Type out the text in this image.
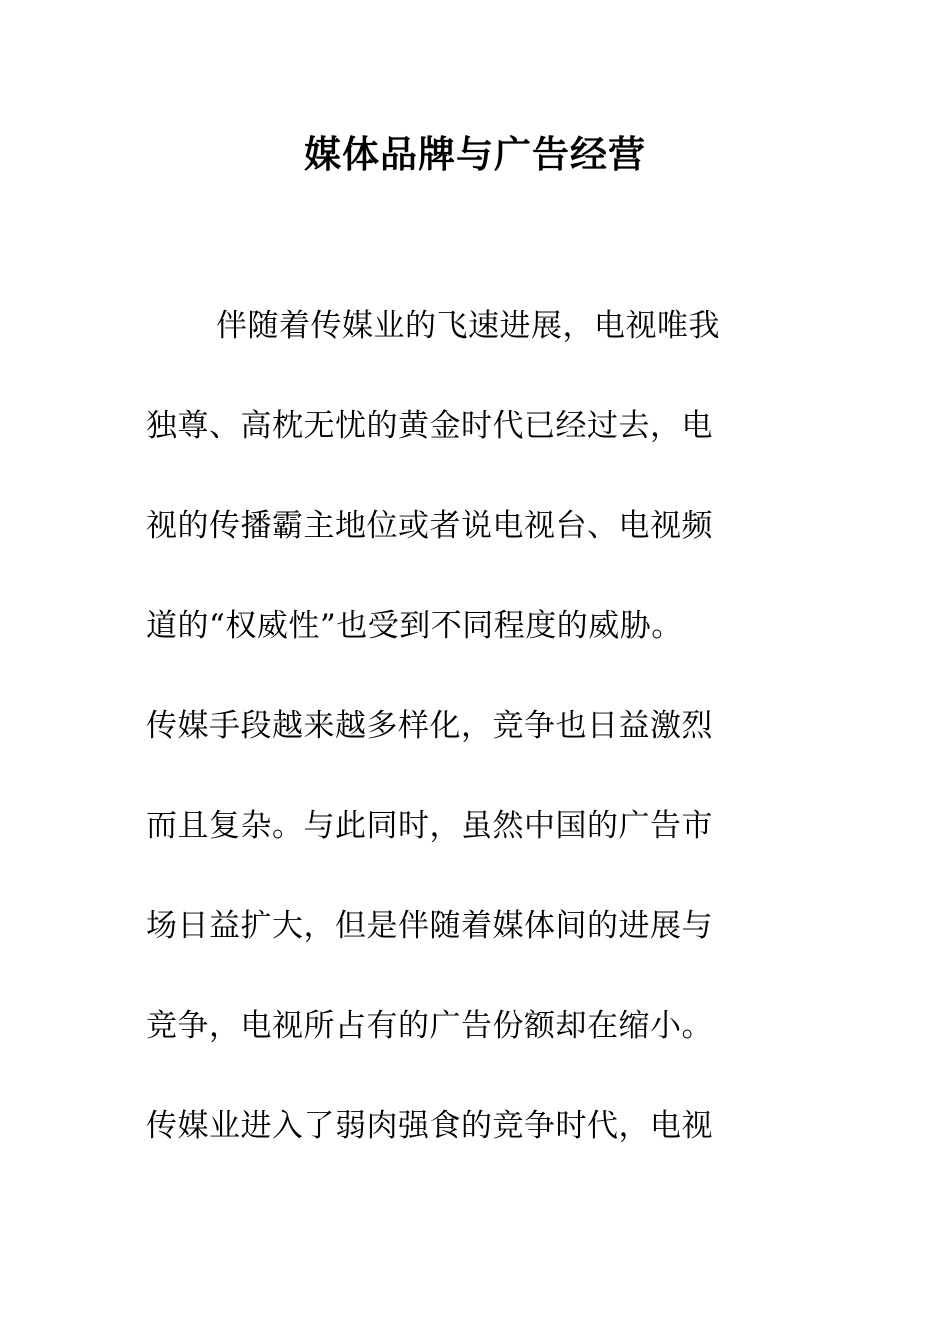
媒体品牌与广告经营
伴随着传媒业的飞速进展，电视唯我
独尊、高枕无忧的黄金时代已经过去，电
视的传播霸主地位或者说电视台、电视频
道的“权威性”也受到不同程度的威胁。
传媒手段越来越多样化，竞争也日益激烈
而且复杂。与此同时，虽然中国的广告市
场日益扩大，但是伴随着媒体间的进展与
竞争，电视所占有的广告份额却在缩小。
传媒业进入了弱肉强食的竞争时代，电视
